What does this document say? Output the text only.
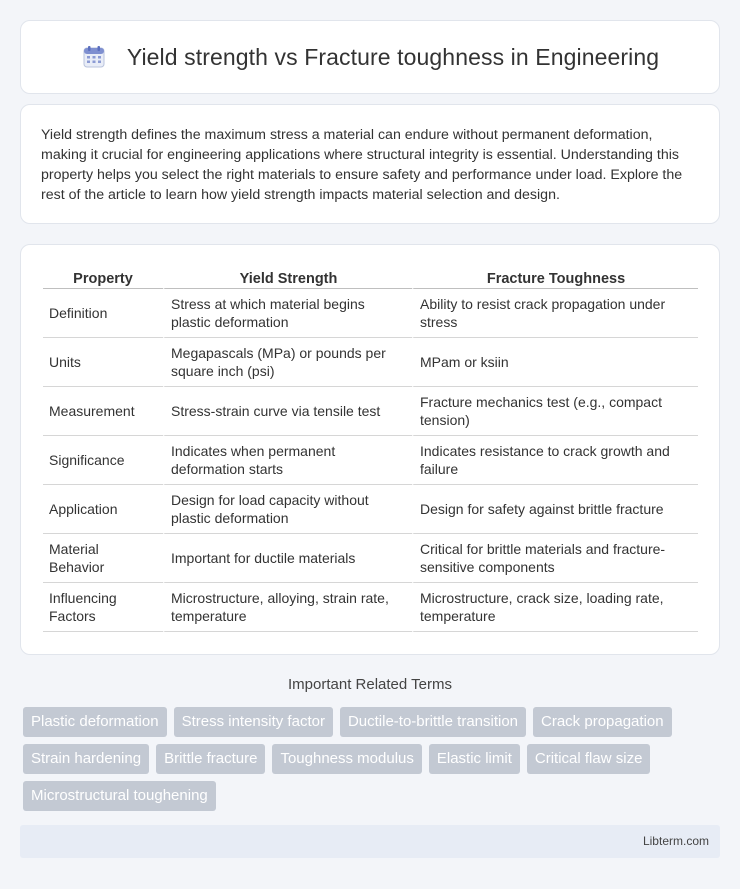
Yield strength vs Fracture toughness in Engineering

Yield strength defines the maximum stress a material can endure without permanent deformation, making it crucial for engineering applications where structural integrity is essential. Understanding this property helps you select the right materials to ensure safety and performance under load. Explore the rest of the article to learn how yield strength impacts material selection and design.

Property	Yield Strength	Fracture Toughness
Definition	Stress at which material begins plastic deformation	Ability to resist crack propagation under stress
Units	Megapascals (MPa) or pounds per square inch (psi)	MPam or ksiin
Measurement	Stress-strain curve via tensile test	Fracture mechanics test (e.g., compact tension)
Significance	Indicates when permanent deformation starts	Indicates resistance to crack growth and failure
Application	Design for load capacity without plastic deformation	Design for safety against brittle fracture
Material Behavior	Important for ductile materials	Critical for brittle materials and fracture-sensitive components
Influencing Factors	Microstructure, alloying, strain rate, temperature	Microstructure, crack size, loading rate, temperature
Important Related Terms
Plastic deformation	Stress intensity factor	Ductile-to-brittle transition	Crack propagation
Strain hardening	Brittle fracture	Toughness modulus	Elastic limit	Critical flaw size
Microstructural toughening
Libterm.com
